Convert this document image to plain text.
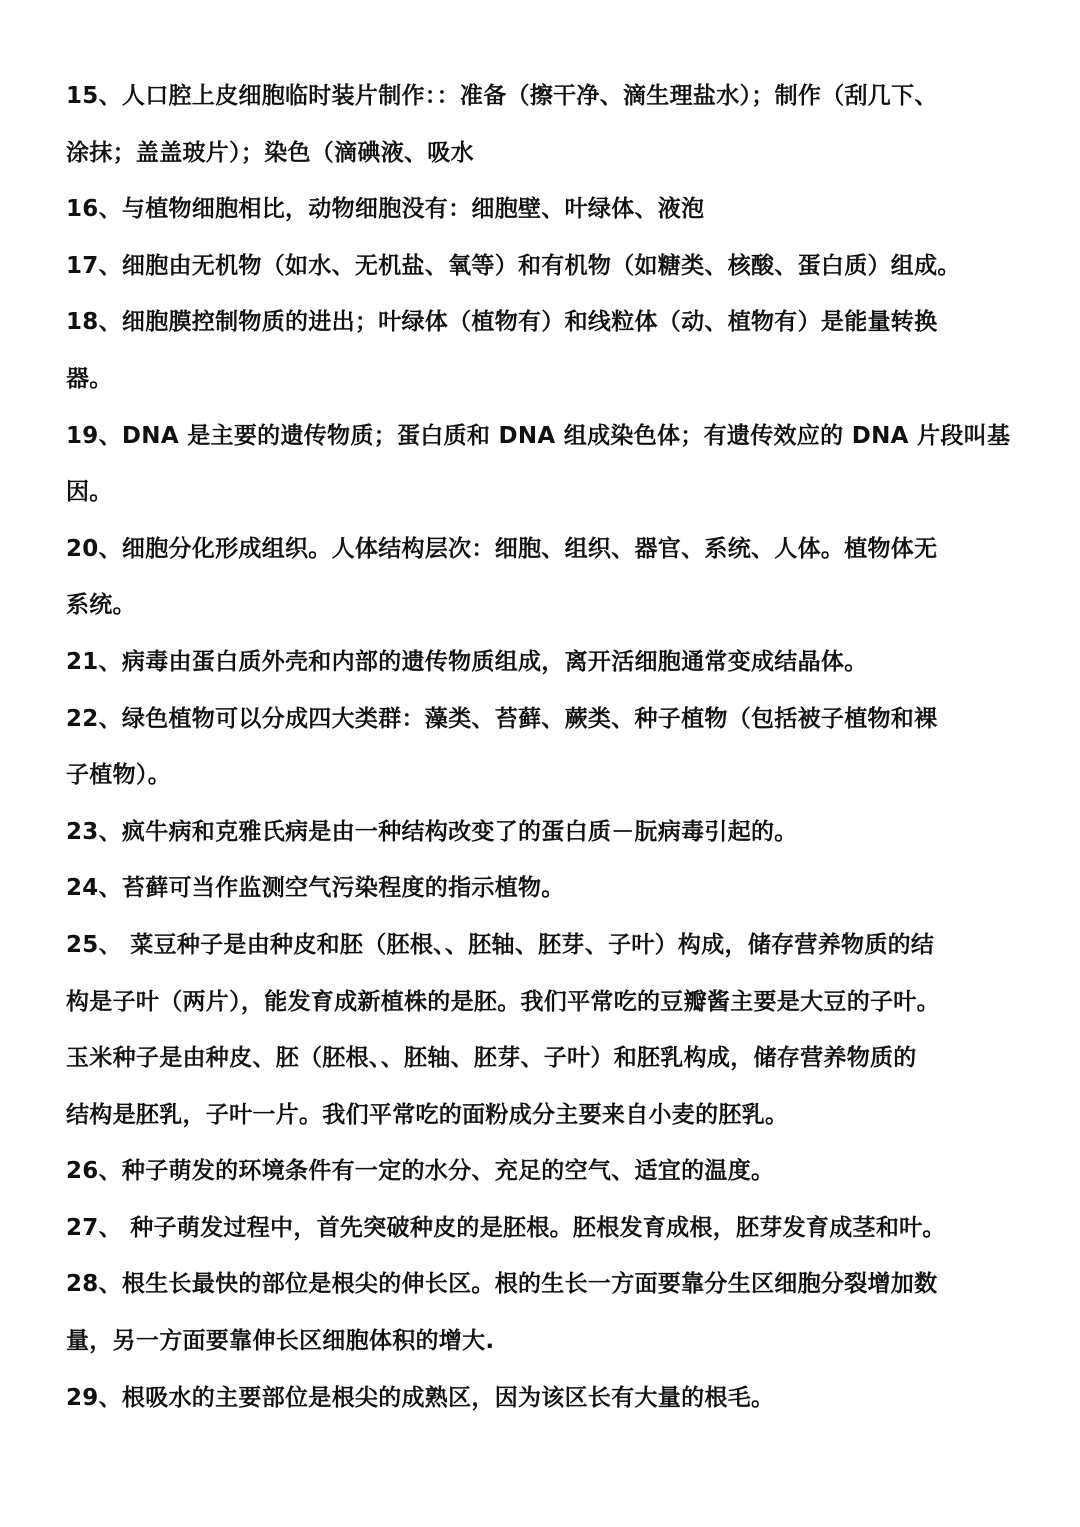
15、人口腔上皮细胞临时装片制作：：准备（擦干净、滴生理盐水）；制作（刮几下、
涂抹；盖盖玻片）；染色（滴碘液、吸水
16、与植物细胞相比，动物细胞没有：细胞壁、叶绿体、液泡
17、细胞由无机物（如水、无机盐、氧等）和有机物（如糖类、核酸、蛋白质）组成。
18、细胞膜控制物质的进出；叶绿体（植物有）和线粒体（动、植物有）是能量转换
器。
19、DNA 是主要的遗传物质；蛋白质和 DNA 组成染色体；有遗传效应的 DNA 片段叫基
因。
20、细胞分化形成组织。人体结构层次：细胞、组织、器官、系统、人体。植物体无
系统。
21、病毒由蛋白质外壳和内部的遗传物质组成，离开活细胞通常变成结晶体。
22、绿色植物可以分成四大类群：藻类、苔藓、蕨类、种子植物（包括被子植物和裸
子植物）。
23、疯牛病和克雅氏病是由一种结构改变了的蛋白质－朊病毒引起的。
24、苔藓可当作监测空气污染程度的指示植物。
25、 菜豆种子是由种皮和胚（胚根、、胚轴、胚芽、子叶）构成，储存营养物质的结
构是子叶（两片），能发育成新植株的是胚。我们平常吃的豆瓣酱主要是大豆的子叶。
玉米种子是由种皮、胚（胚根、、胚轴、胚芽、子叶）和胚乳构成，储存营养物质的
结构是胚乳，子叶一片。我们平常吃的面粉成分主要来自小麦的胚乳。
26、种子萌发的环境条件有一定的水分、充足的空气、适宜的温度。
27、 种子萌发过程中，首先突破种皮的是胚根。胚根发育成根，胚芽发育成茎和叶。
28、根生长最快的部位是根尖的伸长区。根的生长一方面要靠分生区细胞分裂增加数
量，另一方面要靠伸长区细胞体积的增大.
29、根吸水的主要部位是根尖的成熟区，因为该区长有大量的根毛。
